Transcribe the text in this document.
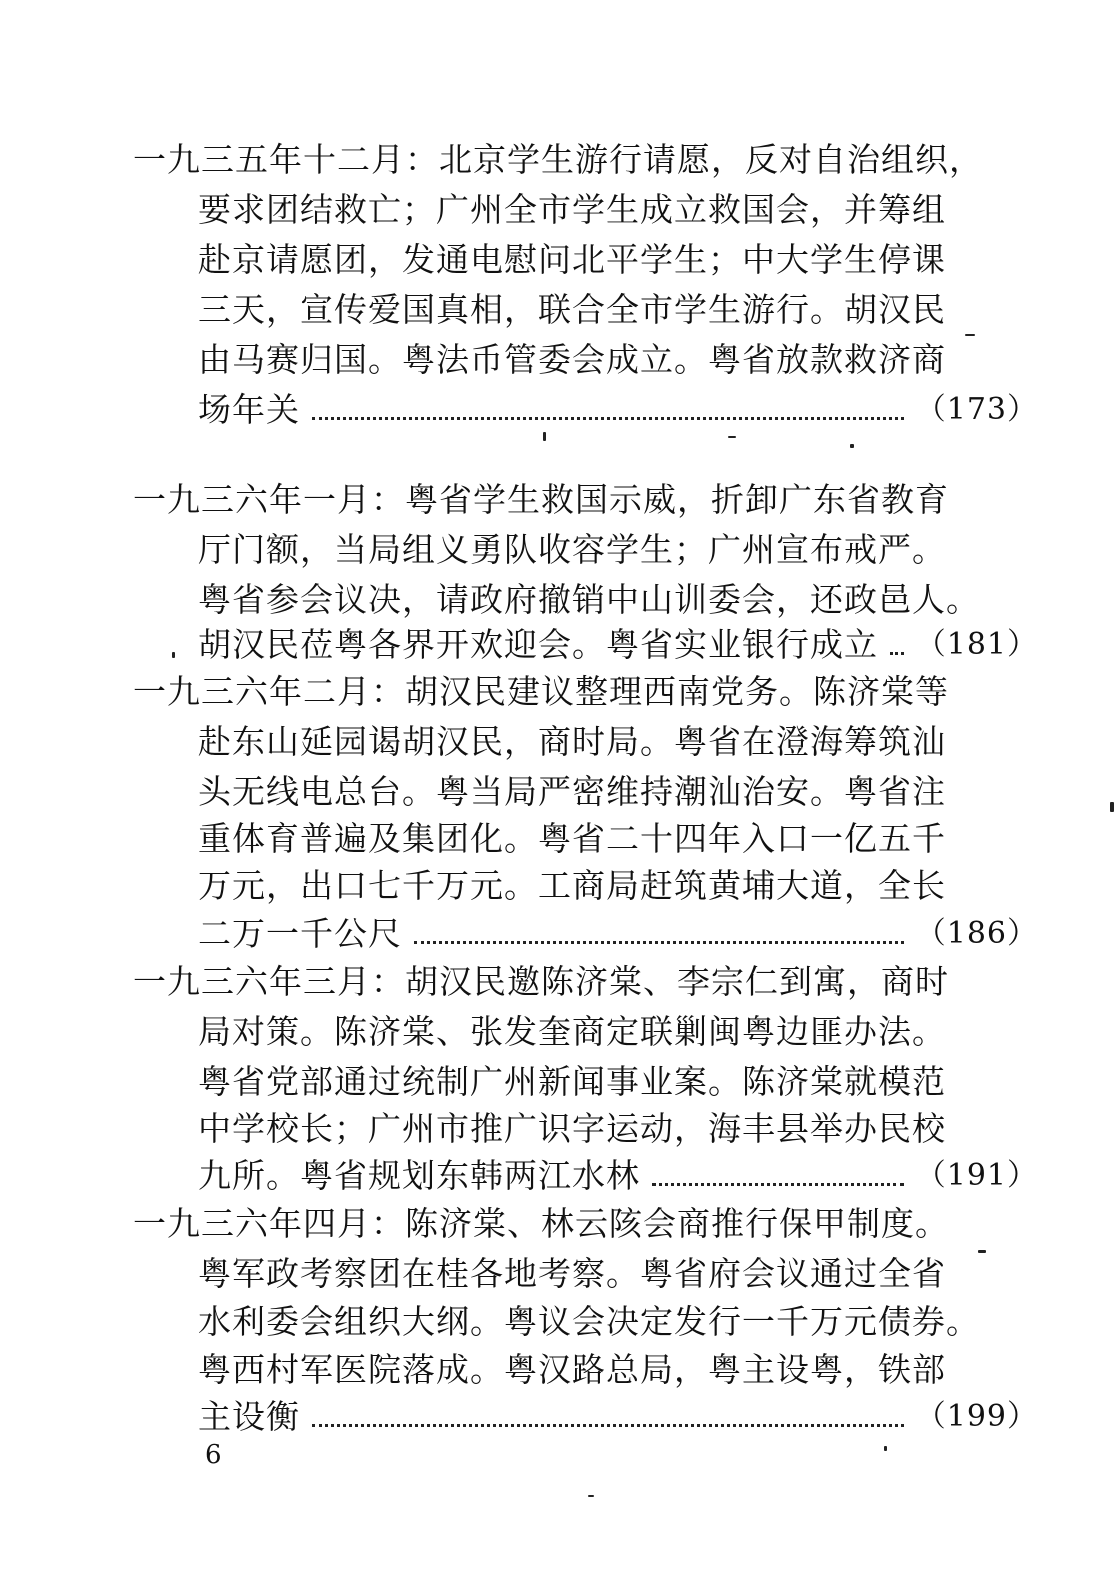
一九三五年十二月：北京学生游行请愿，反对自治组织，
要求团结救亡；广州全市学生成立救国会，并筹组
赴京请愿团，发通电慰问北平学生；中大学生停课
三天，宣传爱国真相，联合全市学生游行。胡汉民
由马赛归国。粤法币管委会成立。粤省放款救济商
场年关	（173）
一九三六年一月：粤省学生救国示威，折卸广东省教育
厅门额，当局组义勇队收容学生；广州宣布戒严。
粤省参会议决，请政府撤销中山训委会，还政邑人。
胡汉民莅粤各界开欢迎会。粤省实业银行成立 （181）
一九三六年二月：胡汉民建议整理西南党务。陈济棠等
赴东山延园谒胡汉民，商时局。粤省在澄海筹筑汕
头无线电总台。粤当局严密维持潮汕治安。粤省注
重体育普遍及集团化。粤省二十四年入口一亿五千
万元，出口七千万元。工商局赶筑黄埔大道，全长
二万一千公尺	（186）
一九三六年三月：胡汉民邀陈济棠、李宗仁到寓，商时
局对策。陈济棠、张发奎商定联剿闽粤边匪办法。
粤省党部通过统制广州新闻事业案。陈济棠就模范
中学校长；广州市推广识字运动，海丰县举办民校
九所。粤省规划东韩两江水林	（191）
一九三六年四月：陈济棠、林云陔会商推行保甲制度。
粤军政考察团在桂各地考察。粤省府会议通过全省
水利委会组织大纲。粤议会决定发行一千万元债券。
粤西村军医院落成。粤汉路总局，粤主设粤，铁部
主设衡	（199）
6
